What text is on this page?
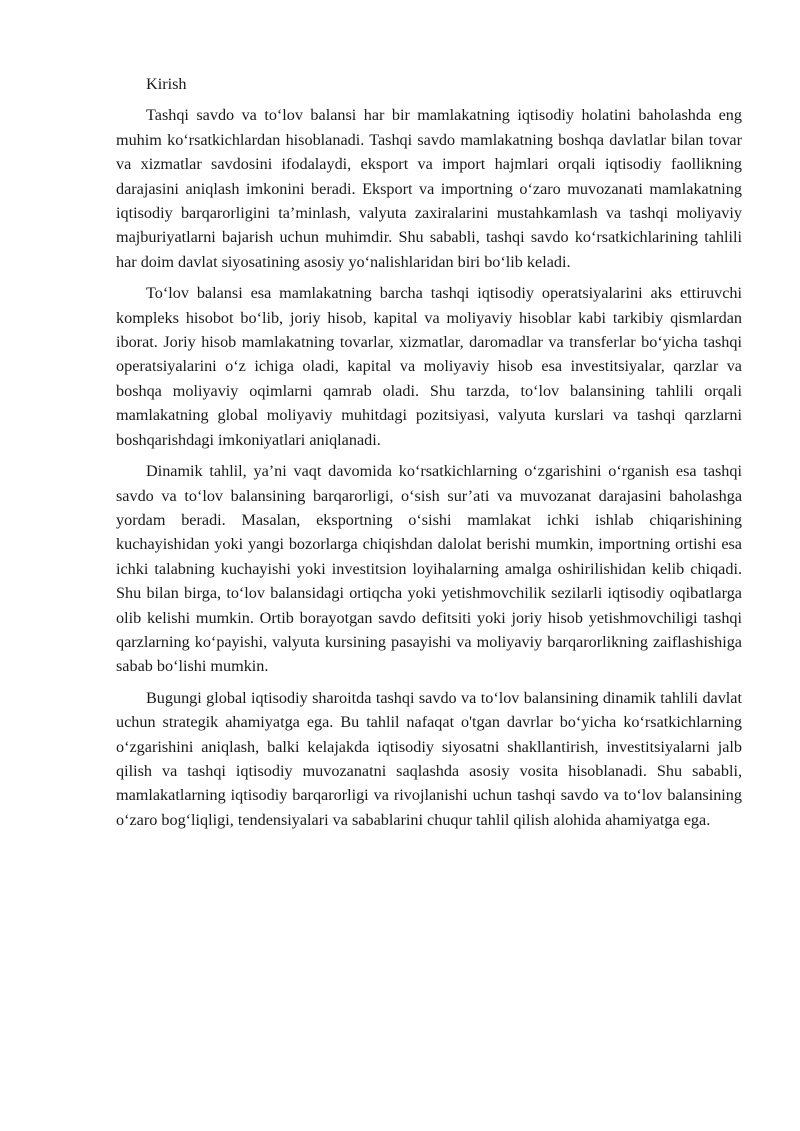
Kirish

Tashqi savdo va to‘lov balansi har bir mamlakatning iqtisodiy holatini baholashda eng muhim ko‘rsatkichlardan hisoblanadi. Tashqi savdo mamlakatning boshqa davlatlar bilan tovar va xizmatlar savdosini ifodalaydi, eksport va import hajmlari orqali iqtisodiy faollikning darajasini aniqlash imkonini beradi. Eksport va importning o‘zaro muvozanati mamlakatning iqtisodiy barqarorligini ta’minlash, valyuta zaxiralarini mustahkamlash va tashqi moliyaviy majburiyatlarni bajarish uchun muhimdir. Shu sababli, tashqi savdo ko‘rsatkichlarining tahlili har doim davlat siyosatining asosiy yo‘nalishlaridan biri bo‘lib keladi.

To‘lov balansi esa mamlakatning barcha tashqi iqtisodiy operatsiyalarini aks ettiruvchi kompleks hisobot bo‘lib, joriy hisob, kapital va moliyaviy hisoblar kabi tarkibiy qismlardan iborat. Joriy hisob mamlakatning tovarlar, xizmatlar, daromadlar va transferlar bo‘yicha tashqi operatsiyalarini o‘z ichiga oladi, kapital va moliyaviy hisob esa investitsiyalar, qarzlar va boshqa moliyaviy oqimlarni qamrab oladi. Shu tarzda, to‘lov balansining tahlili orqali mamlakatning global moliyaviy muhitdagi pozitsiyasi, valyuta kurslari va tashqi qarzlarni boshqarishdagi imkoniyatlari aniqlanadi.

Dinamik tahlil, ya’ni vaqt davomida ko‘rsatkichlarning o‘zgarishini o‘rganish esa tashqi savdo va to‘lov balansining barqarorligi, o‘sish sur’ati va muvozanat darajasini baholashga yordam beradi. Masalan, eksportning o‘sishi mamlakat ichki ishlab chiqarishining kuchayishidan yoki yangi bozorlarga chiqishdan dalolat berishi mumkin, importning ortishi esa ichki talabning kuchayishi yoki investitsion loyihalarning amalga oshirilishidan kelib chiqadi. Shu bilan birga, to‘lov balansidagi ortiqcha yoki yetishmovchilik sezilarli iqtisodiy oqibatlarga olib kelishi mumkin. Ortib borayotgan savdo defitsiti yoki joriy hisob yetishmovchiligi tashqi qarzlarning ko‘payishi, valyuta kursining pasayishi va moliyaviy barqarorlikning zaiflashishiga sabab bo‘lishi mumkin.

Bugungi global iqtisodiy sharoitda tashqi savdo va to‘lov balansining dinamik tahlili davlat uchun strategik ahamiyatga ega. Bu tahlil nafaqat o'tgan davrlar bo‘yicha ko‘rsatkichlarning o‘zgarishini aniqlash, balki kelajakda iqtisodiy siyosatni shakllantirish, investitsiyalarni jalb qilish va tashqi iqtisodiy muvozanatni saqlashda asosiy vosita hisoblanadi. Shu sababli, mamlakatlarning iqtisodiy barqarorligi va rivojlanishi uchun tashqi savdo va to‘lov balansining o‘zaro bog‘liqligi, tendensiyalari va sabablarini chuqur tahlil qilish alohida ahamiyatga ega.
